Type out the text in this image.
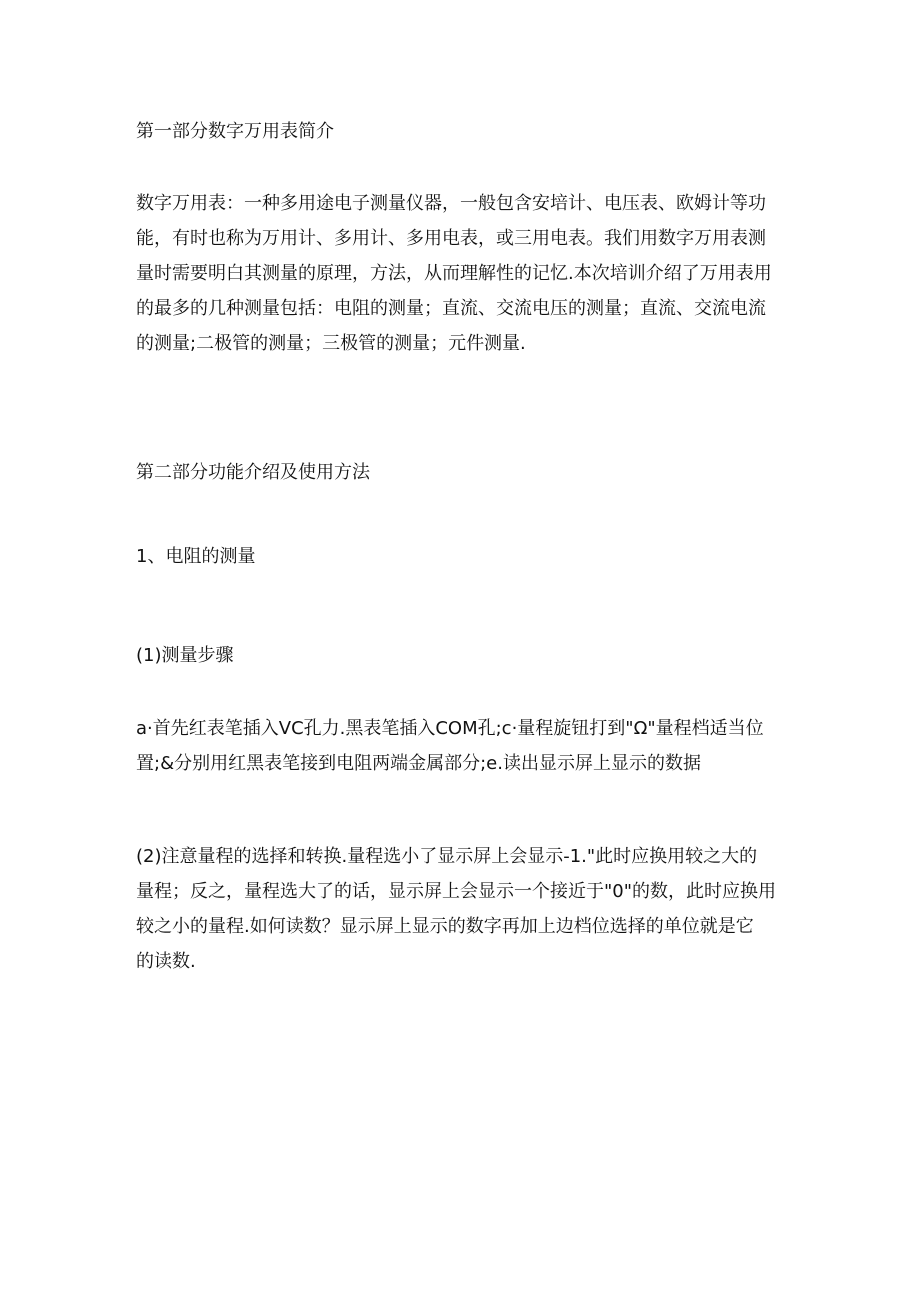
第一部分数字万用表简介
数字万用表：一种多用途电子测量仪器，一般包含安培计、电压表、欧姆计等功
能，有时也称为万用计、多用计、多用电表，或三用电表。我们用数字万用表测
量时需要明白其测量的原理，方法，从而理解性的记忆.本次培训介绍了万用表用
的最多的几种测量包括：电阻的测量；直流、交流电压的测量；直流、交流电流
的测量;二极管的测量；三极管的测量；元件测量.
第二部分功能介绍及使用方法
1、电阻的测量
(1)测量步骤
a·首先红表笔插入VC孔力.黑表笔插入COM孔;c·量程旋钮打到"Ω"量程档适当位
置;&分别用红黑表笔接到电阻两端金属部分;e.读出显示屏上显示的数据
(2)注意量程的选择和转换.量程选小了显示屏上会显示-1."此时应换用较之大的
量程；反之，量程选大了的话，显示屏上会显示一个接近于"0"的数，此时应换用
较之小的量程.如何读数？显示屏上显示的数字再加上边档位选择的单位就是它
的读数.
